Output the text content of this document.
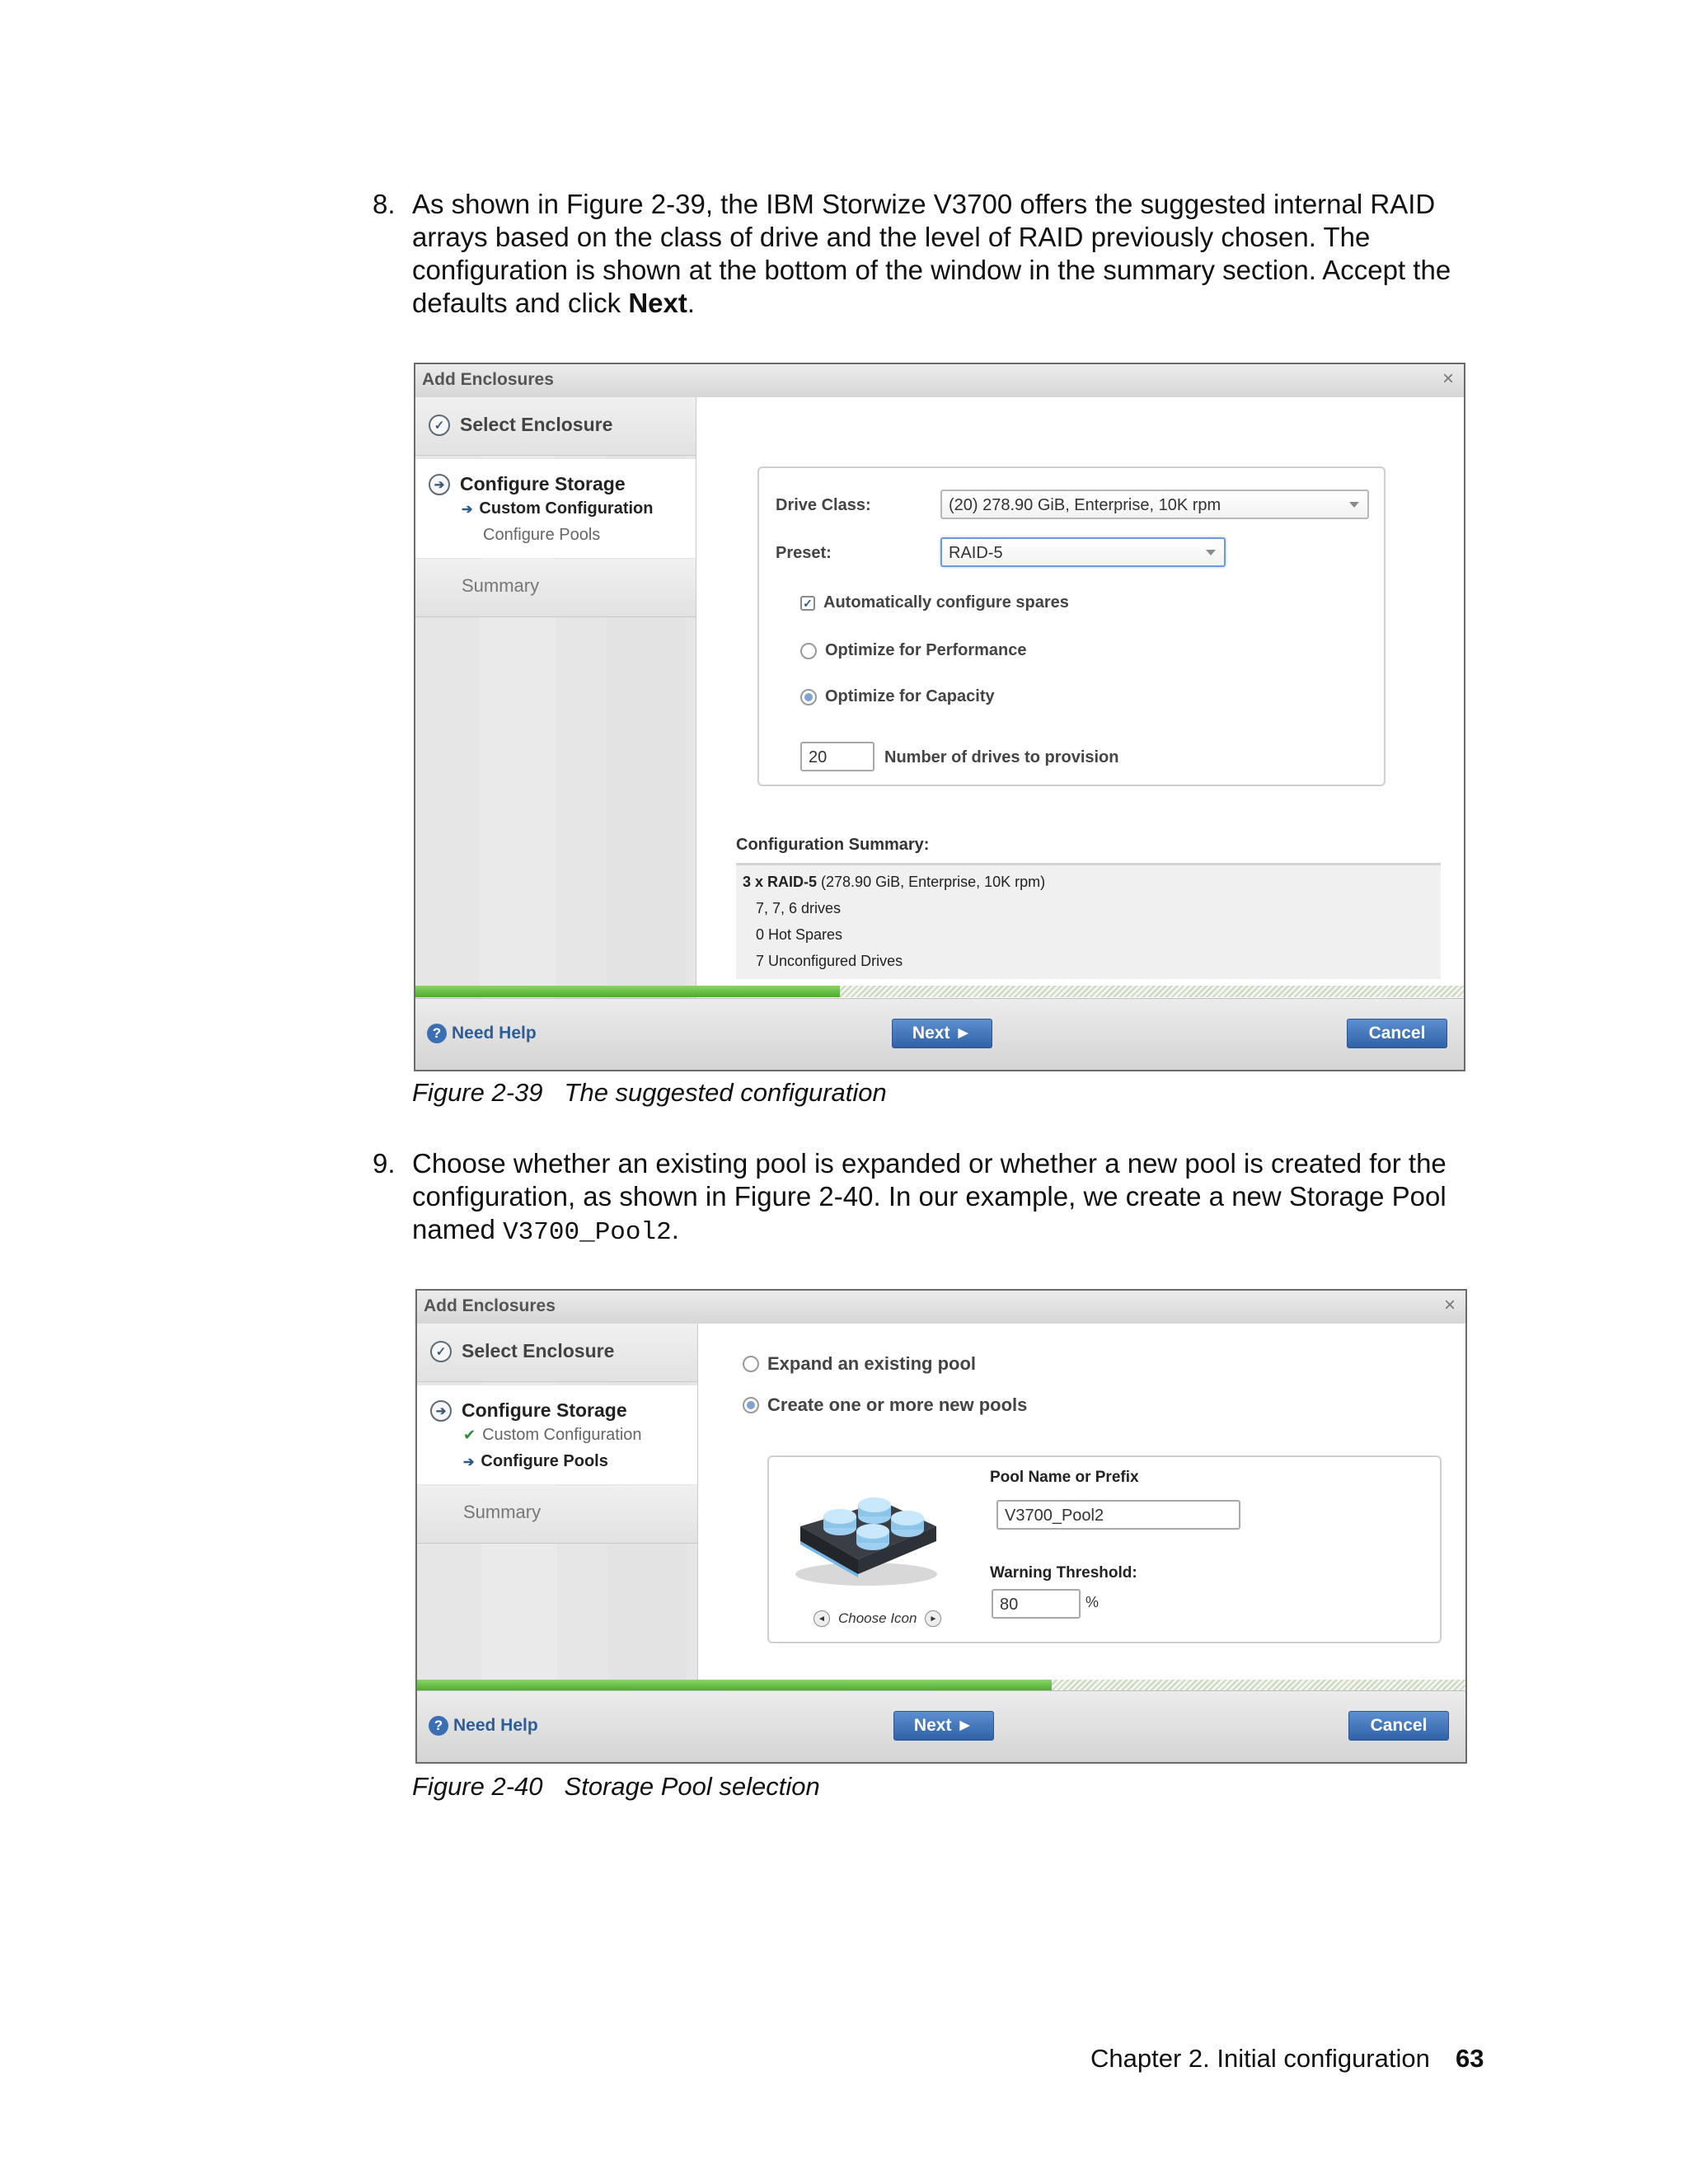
8. As shown in Figure 2-39, the IBM Storwize V3700 offers the suggested internal RAID arrays based on the class of drive and the level of RAID previously chosen. The configuration is shown at the bottom of the window in the summary section. Accept the defaults and click Next.
Add Enclosures	×
✓ Select Enclosure
➔ Configure Storage
➔ Custom Configuration
Configure Pools
Summary
Drive Class:	(20) 278.90 GiB, Enterprise, 10K rpm
Preset:	RAID-5
✓ Automatically configure spares
Optimize for Performance
Optimize for Capacity
20	Number of drives to provision
Configuration Summary:
3 x RAID-5 (278.90 GiB, Enterprise, 10K rpm)
7, 7, 6 drives
0 Hot Spares
7 Unconfigured Drives
? Need Help	Next ►	Cancel
Figure 2-39 The suggested configuration
9. Choose whether an existing pool is expanded or whether a new pool is created for the configuration, as shown in Figure 2-40. In our example, we create a new Storage Pool named V3700_Pool2.
Add Enclosures	×
✓ Select Enclosure
➔ Configure Storage
✔ Custom Configuration
➔ Configure Pools
Summary
Expand an existing pool
Create one or more new pools
◄ Choose Icon	►
Pool Name or Prefix
V3700_Pool2
Warning Threshold:
80	%
? Need Help	Next ►	Cancel
Figure 2-40 Storage Pool selection
Chapter 2. Initial configuration 63
